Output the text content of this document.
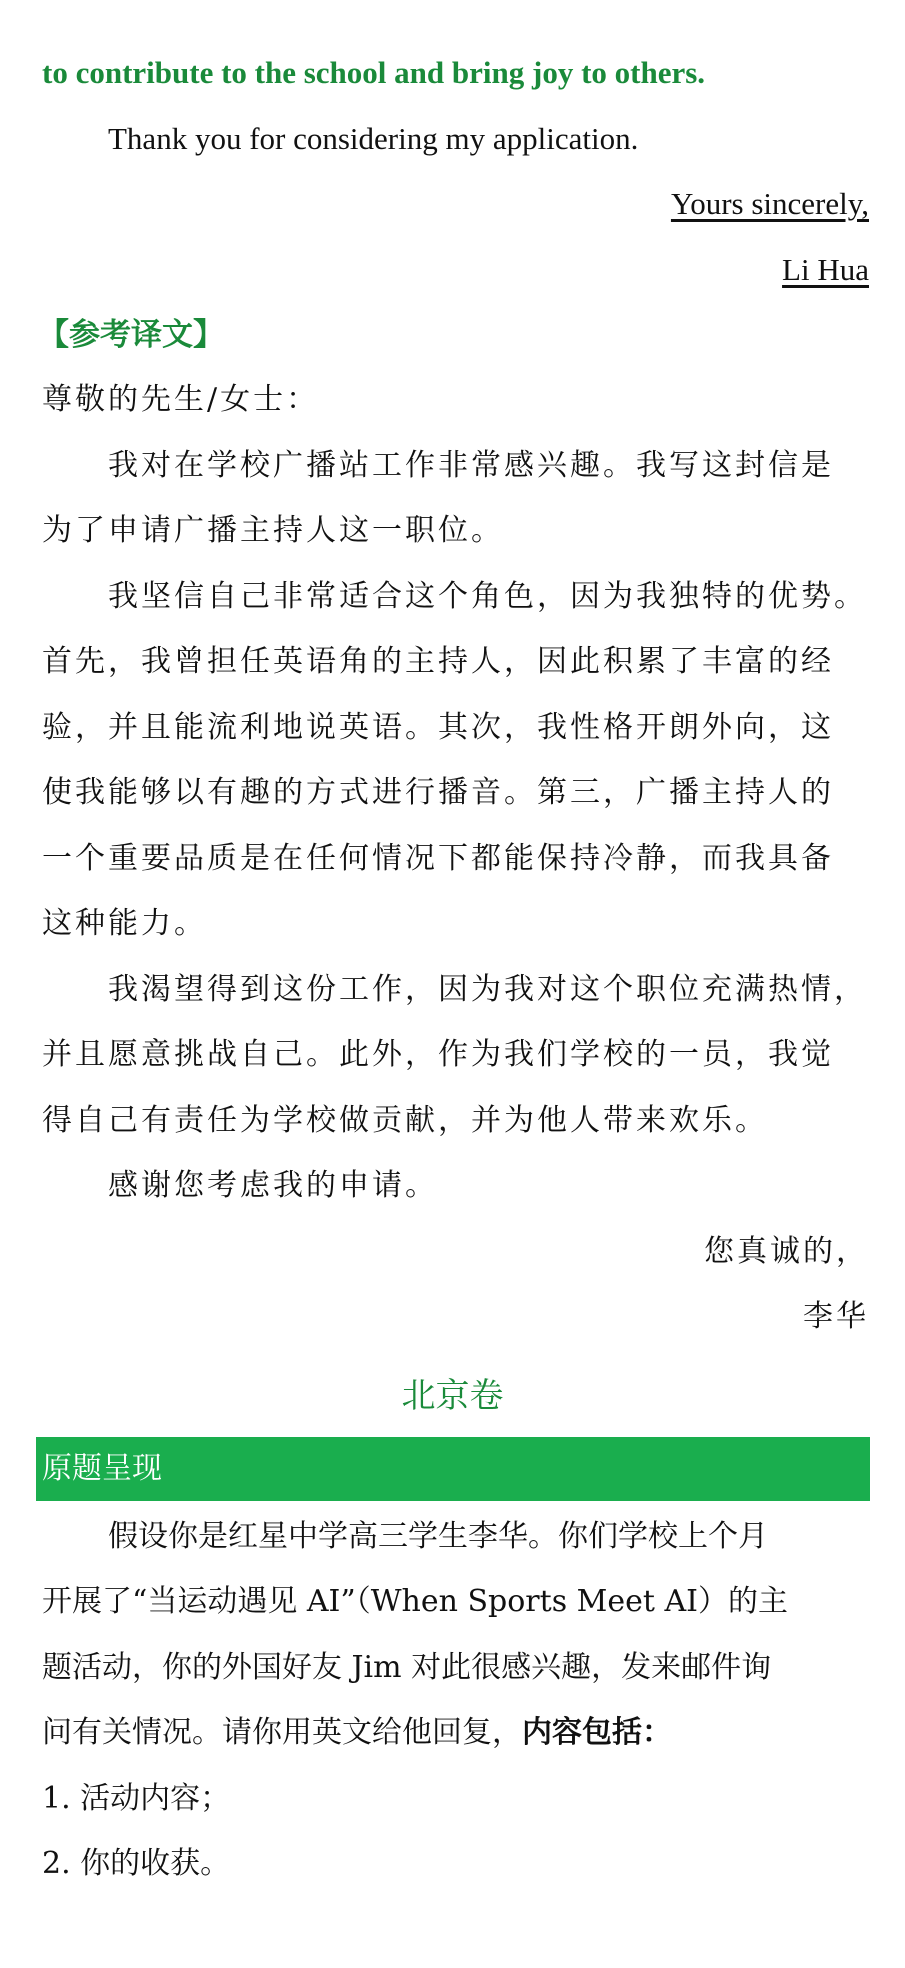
to contribute to the school and bring joy to others.
Thank you for considering my application.
Yours sincerely,
Li Hua
【参考译文】
尊敬的先生/女士：
我对在学校广播站工作非常感兴趣。我写这封信是
为了申请广播主持人这一职位。
我坚信自己非常适合这个角色，因为我独特的优势。
首先，我曾担任英语角的主持人，因此积累了丰富的经
验，并且能流利地说英语。其次，我性格开朗外向，这
使我能够以有趣的方式进行播音。第三，广播主持人的
一个重要品质是在任何情况下都能保持冷静，而我具备
这种能力。
我渴望得到这份工作，因为我对这个职位充满热情，
并且愿意挑战自己。此外，作为我们学校的一员，我觉
得自己有责任为学校做贡献，并为他人带来欢乐。
感谢您考虑我的申请。
您真诚的，
李华
北京卷
原题呈现
假设你是红星中学高三学生李华。你们学校上个月
开展了“当运动遇见 AI”（When Sports Meet AI）的主
题活动，你的外国好友 Jim 对此很感兴趣，发来邮件询
问有关情况。请你用英文给他回复，内容包括：
1. 活动内容；
2. 你的收获。
